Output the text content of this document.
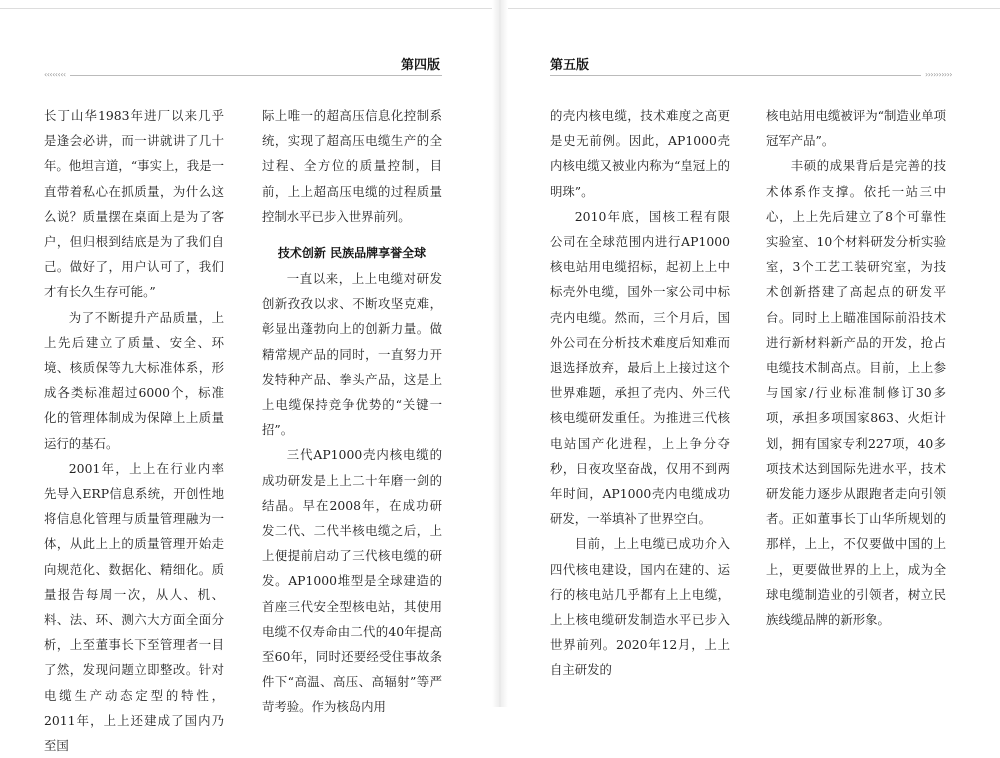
第四版
‹‹‹‹‹‹‹‹

长丁山华1983年进厂以来几乎是逢会必讲，而一讲就讲了几十年。他坦言道，“事实上，我是一直带着私心在抓质量，为什么这么说？质量摆在桌面上是为了客户，但归根到结底是为了我们自己。做好了，用户认可了，我们才有长久生存可能。”

为了不断提升产品质量，上上先后建立了质量、安全、环境、核质保等九大标准体系，形成各类标准超过6000个，标准化的管理体制成为保障上上质量运行的基石。

2001年，上上在行业内率先导入ERP信息系统，开创性地将信息化管理与质量管理融为一体，从此上上的质量管理开始走向规范化、数据化、精细化。质量报告每周一次，从人、机、料、法、环、测六大方面全面分析，上至董事长下至管理者一目了然，发现问题立即整改。针对电缆生产动态定型的特性，2011年，上上还建成了国内乃至国

际上唯一的超高压信息化控制系统，实现了超高压电缆生产的全过程、全方位的质量控制，目前，上上超高压电缆的过程质量控制水平已步入世界前列。

技术创新 民族品牌享誉全球

一直以来，上上电缆对研发创新孜孜以求、不断攻坚克难，彰显出蓬勃向上的创新力量。做精常规产品的同时，一直努力开发特种产品、拳头产品，这是上上电缆保持竞争优势的“关键一招”。

三代AP1000壳内核电缆的成功研发是上上二十年磨一剑的结晶。早在2008年，在成功研发二代、二代半核电缆之后，上上便提前启动了三代核电缆的研发。AP1000堆型是全球建造的首座三代安全型核电站，其使用电缆不仅寿命由二代的40年提高至60年，同时还要经受住事故条件下“高温、高压、高辐射”等严苛考验。作为核岛内用

第五版
››››››››››

的壳内核电缆，技术难度之高更是史无前例。因此，AP1000壳内核电缆又被业内称为“皇冠上的明珠”。

2010年底，国核工程有限公司在全球范围内进行AP1000核电站用电缆招标，起初上上中标壳外电缆，国外一家公司中标壳内电缆。然而，三个月后，国外公司在分析技术难度后知难而退选择放弃，最后上上接过这个世界难题，承担了壳内、外三代核电缆研发重任。为推进三代核电站国产化进程，上上争分夺秒，日夜攻坚奋战，仅用不到两年时间，AP1000壳内电缆成功研发，一举填补了世界空白。

目前，上上电缆已成功介入四代核电建设，国内在建的、运行的核电站几乎都有上上电缆，上上核电缆研发制造水平已步入世界前列。2020年12月，上上自主研发的

核电站用电缆被评为“制造业单项冠军产品”。

丰硕的成果背后是完善的技术体系作支撑。依托一站三中心，上上先后建立了8个可靠性实验室、10个材料研发分析实验室，3个工艺工装研究室，为技术创新搭建了高起点的研发平台。同时上上瞄准国际前沿技术进行新材料新产品的开发，抢占电缆技术制高点。目前，上上参与国家/行业标准制修订30多项，承担多项国家863、火炬计划，拥有国家专利227项，40多项技术达到国际先进水平，技术研发能力逐步从跟跑者走向引领者。正如董事长丁山华所规划的那样，上上，不仅要做中国的上上，更要做世界的上上，成为全球电缆制造业的引领者，树立民族线缆品牌的新形象。
